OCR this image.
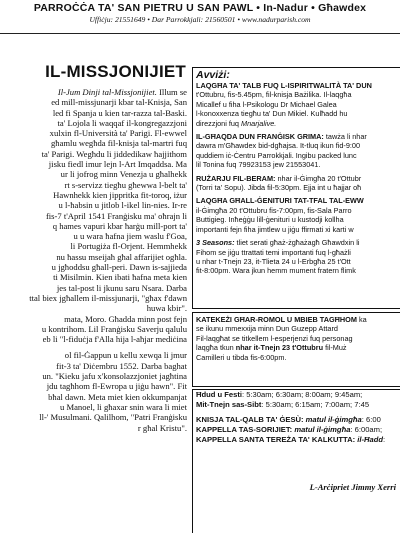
PARROĊĊA TA' SAN PIETRU U SAN PAWL • In-Nadur • Għawdex
Uffiċju: 21551649 • Dar Parrokkjali: 21560501 • www.nadurparish.com
IL-MISSJONIJIET
Il-Jum Dinji tal-Missjonijiet. Illum se
ed mill-missjunarji kbar tal-Knisja, San
led fi Spanja u kien tar-razza tal-Baski.
ta' Lojola li waqqaf il-kongregazzjoni
xulxin fl-Università ta' Parigi. Fl-ewwel
għamlu wegħda fil-knisja tal-martri fuq
ta' Parigi. Wegħdu li jiddedikaw ħajjithom
jisku fiedl imur lejn l-Art Imqaddsa. Ma
ur li jofrog minn Venezja u għalhekk
rt s-servizz tiegħu għewwa l-belt ta'
Hawnhekk kien jippritka fit-toroq, iżur
u l-ħabsin u jitlob l-ikel lin-nies. Ir-re
fis-7 t'April 1541 Franġisku ma' oħrajn li
q hames vapuri kbar ħarġu mill-port ta'
u u wara ħafna jiem waslu f'Goa,
li Portugiża fl-Orjent. Hemmhekk
nu ħassu mseijaħ għal affarijiet ogħla.
u jgħoddsu għall-peri. Dawn is-sajjieda
ti Misilmin. Kien ibati ħafna meta kien
jes tal-post li jkunu saru Nsara. Darba
ttal biex jgħallem il-missjunarji, "għax f'dawn
huwa kbir".
mata, Moro. Għadda minn post fejn
u kontrihom. Lil Franġisku Saverju qalulu
eb li "l-fiduċja f'Alla hija l-aħjar mediċina
ol fil-Ġappun u kellu xewqa li jmur
fit-3 ta' Diċembru 1552. Darba baghat
un. "Kieku jafu x'konsolazzjoniet jagħtina
jdu tagħhom fl-Ewropa u jiġu hawn". Fit
bħal dawn. Meta miet kien okkumpanjat
u Manoel, li għaxar snin wara li miet
ll-' Musulmani. Qalilhom, "Patri Franġisku
r għal Kristu".
L-Arċipriet Jimmy Xerri
Avviżi:
LAQGĦA TA' TALB FUQ L-ISPIRITWALITÀ TA' DUN
t'Ottubru, fis-5.45pm, fil-knisja Bażilika. Il-laqgħa
Micallef u fiha l-Psikologu Dr Michael Galea
l-konoxxenza tiegħu ta' Dun Mikiel. Kulħadd hu
direzzjoni fuq Mnarjalive.
IL-GĦAQDA DUN FRANĠISK GRIMA: tawża li nhar
dawra m'Għawdex bid-dgħajsa. It-tluq ikun fid-9:00
quddiem iċ-Ċentru Parrokkjali. Ingibu packed lunc
lil Tonina fuq 79923153 jew 21553041.
RUŻARJU FIL-BERAM: nhar il-Ġimgħa 20 t'Ottubr
(Torri ta' Sopu). Jibda fil-5:30pm. Ejja int u ħajjar oħ
LAQGĦA GĦALL-ĠENITURI TAT-TFAL TAL-EWW
il-Ġimgħa 20 t'Ottubru fis-7:00pm, fis-Sala Parro
Buttigieg. Inħeġġu lill-ġenituri u kustodji kollha
importanti fejn fiha jimtlew u jiġu ffirmati xi karti w
3 Seasons: tliet serati għaż-żgħażagħ Għawdxin li
Fihom se jiġu ttrattati temi importanti fuq l-għażli
u nhar t-Tnejn 23, it-Tlieta 24 u l-Erbgħa 25 t'Ott
fit-8:00pm. Wara jkun hemm mument fratern flimk
KATEKEŻI GĦAR-ROMOL U MBIEB TAGĦHOM ka
se ikunu mmexxija minn Dun Guzepp Attard
Fil-laqgħat se titkellem l-esperjenzi fuq personag
laqgħa tkun nhar it-Tnejn 23 t'Ottubru fil-Muż
Camilleri u tibda fis-6:00pm.
Ħdud u Festi: 5:30am; 6:30am; 8:00am; 9:45am;
Mit-Tnejn sas-Sibt: 5:30am; 6:15am; 7:00am; 7:45
KNISJA TAL-QALB TA' ĠESÙ: matul il-ġimgħa: 6:00
KAPPELLA TAS-SORIJIET: matul il-ġimgħa: 6:00am;
KAPPELLA SANTA TEREŻA TA' KALKUTTA: il-Ħadd:
